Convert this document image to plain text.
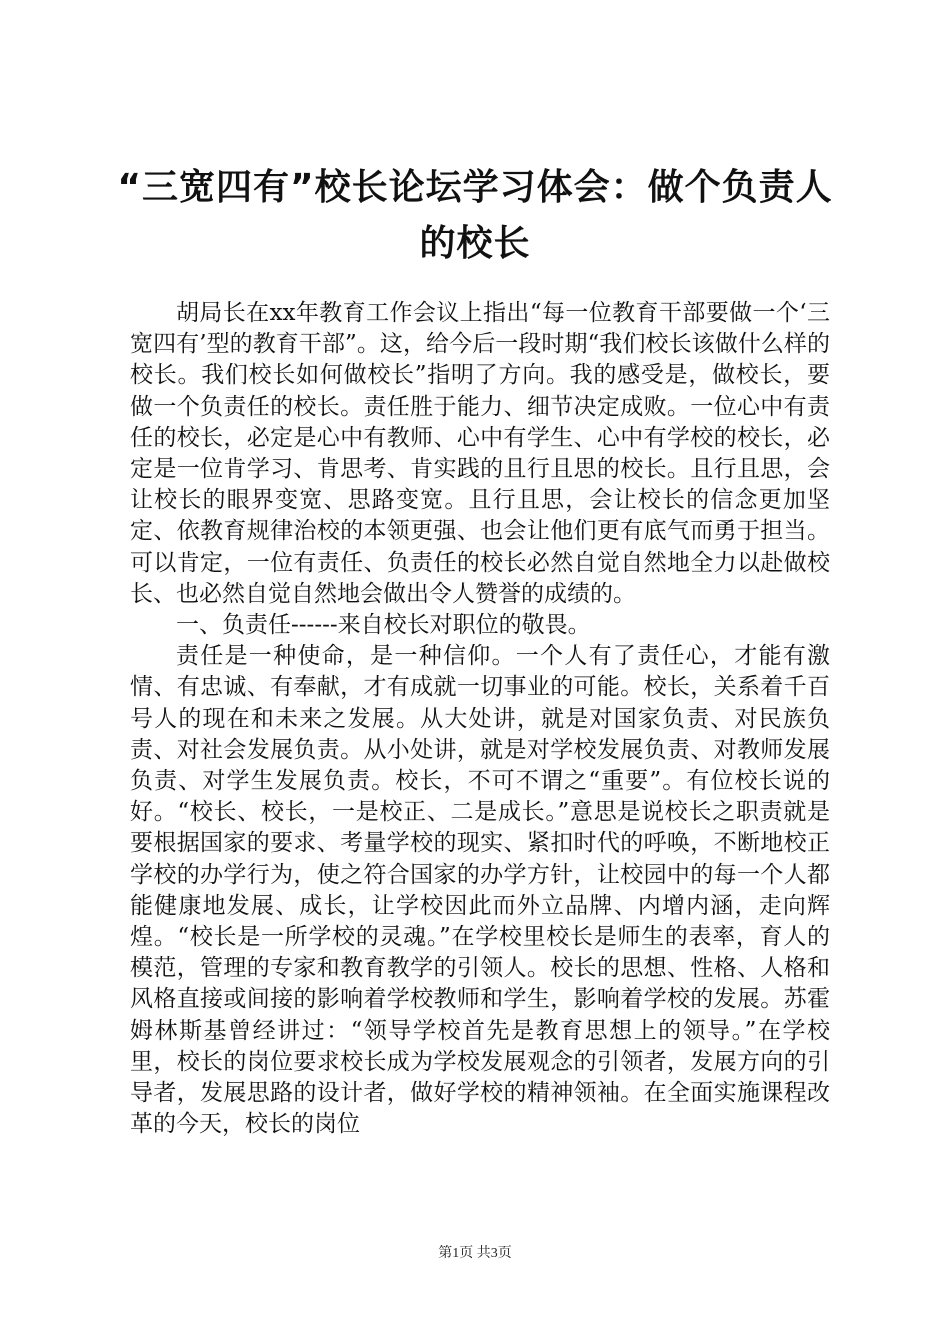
“三宽四有”校长论坛学习体会：做个负责人的校长

胡局长在xx年教育工作会议上指出“每一位教育干部要做一个‘三宽四有’型的教育干部”。这，给今后一段时期“我们校长该做什么样的校长。我们校长如何做校长”指明了方向。我的感受是，做校长，要做一个负责任的校长。责任胜于能力、细节决定成败。一位心中有责任的校长，必定是心中有教师、心中有学生、心中有学校的校长，必定是一位肯学习、肯思考、肯实践的且行且思的校长。且行且思，会让校长的眼界变宽、思路变宽。且行且思，会让校长的信念更加坚定、依教育规律治校的本领更强、也会让他们更有底气而勇于担当。可以肯定，一位有责任、负责任的校长必然自觉自然地全力以赴做校长、也必然自觉自然地会做出令人赞誉的成绩的。

一、负责任------来自校长对职位的敬畏。

责任是一种使命，是一种信仰。一个人有了责任心，才能有激情、有忠诚、有奉献，才有成就一切事业的可能。校长，关系着千百号人的现在和未来之发展。从大处讲，就是对国家负责、对民族负责、对社会发展负责。从小处讲，就是对学校发展负责、对教师发展负责、对学生发展负责。校长，不可不谓之“重要”。有位校长说的好。“校长、校长，一是校正、二是成长。”意思是说校长之职责就是要根据国家的要求、考量学校的现实、紧扣时代的呼唤，不断地校正学校的办学行为，使之符合国家的办学方针，让校园中的每一个人都能健康地发展、成长，让学校因此而外立品牌、内增内涵，走向辉煌。“校长是一所学校的灵魂。”在学校里校长是师生的表率，育人的模范，管理的专家和教育教学的引领人。校长的思想、性格、人格和风格直接或间接的影响着学校教师和学生，影响着学校的发展。苏霍姆林斯基曾经讲过：“领导学校首先是教育思想上的领导。”在学校里，校长的岗位要求校长成为学校发展观念的引领者，发展方向的引导者，发展思路的设计者，做好学校的精神领袖。在全面实施课程改革的今天，校长的岗位

第1页 共3页
